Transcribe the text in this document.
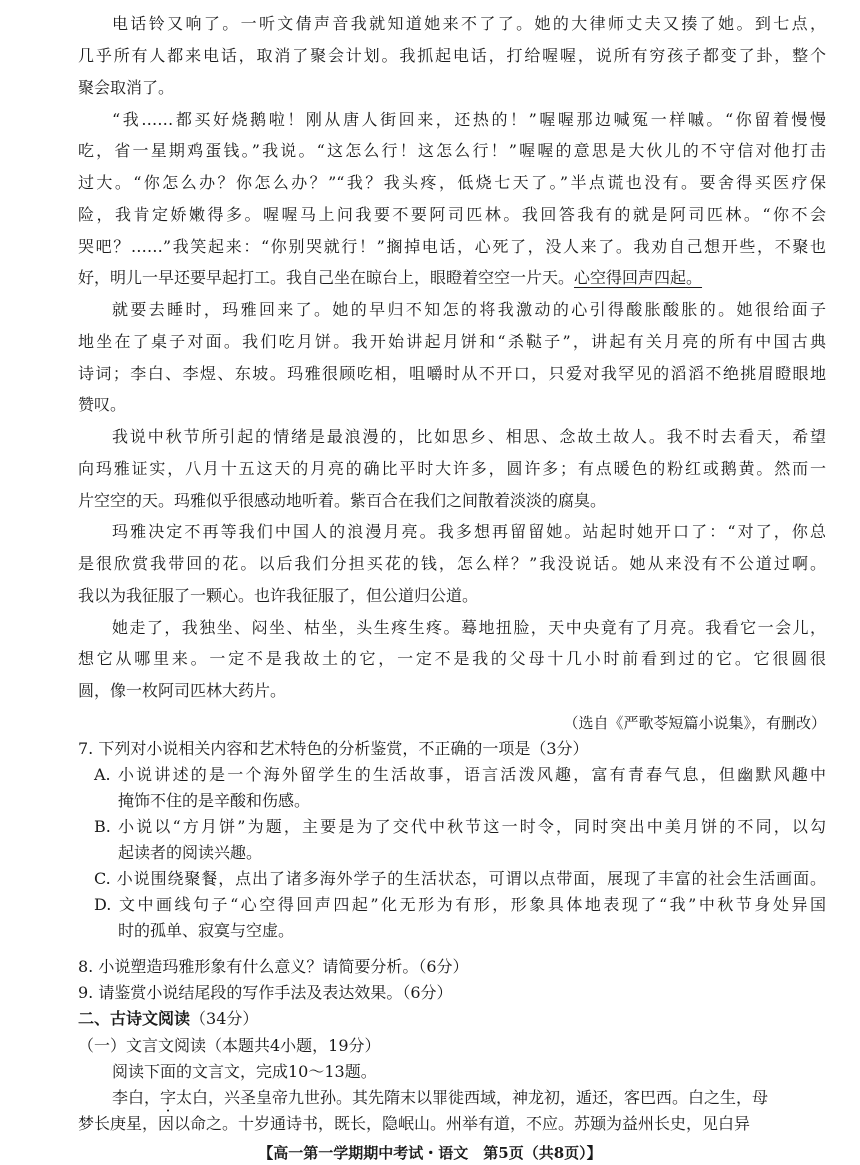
电话铃又响了。一听文倩声音我就知道她来不了了。她的大律师丈夫又揍了她。到七点，
几乎所有人都来电话，取消了聚会计划。我抓起电话，打给喔喔，说所有穷孩子都变了卦，整个
聚会取消了。
“我……都买好烧鹅啦！刚从唐人街回来，还热的！”喔喔那边喊冤一样嘁。“你留着慢慢
吃，省一星期鸡蛋钱。”我说。“这怎么行！这怎么行！”喔喔的意思是大伙儿的不守信对他打击
过大。“你怎么办？你怎么办？”“我？我头疼，低烧七天了。”半点谎也没有。要舍得买医疗保
险，我肯定娇嫩得多。喔喔马上问我要不要阿司匹林。我回答我有的就是阿司匹林。“你不会
哭吧？……”我笑起来：“你别哭就行！”搁掉电话，心死了，没人来了。我劝自己想开些，不聚也
好，明儿一早还要早起打工。我自己坐在晾台上，眼瞪着空空一片天。心空得回声四起。
就要去睡时，玛雅回来了。她的早归不知怎的将我激动的心引得酸胀酸胀的。她很给面子
地坐在了桌子对面。我们吃月饼。我开始讲起月饼和“杀鞑子”，讲起有关月亮的所有中国古典
诗词；李白、李煜、东坡。玛雅很顾吃相，咀嚼时从不开口，只爱对我罕见的滔滔不绝挑眉瞪眼地
赞叹。
我说中秋节所引起的情绪是最浪漫的，比如思乡、相思、念故土故人。我不时去看天，希望
向玛雅证实，八月十五这天的月亮的确比平时大许多，圆许多；有点暖色的粉红或鹅黄。然而一
片空空的天。玛雅似乎很感动地听着。紫百合在我们之间散着淡淡的腐臭。
玛雅决定不再等我们中国人的浪漫月亮。我多想再留留她。站起时她开口了：“对了，你总
是很欣赏我带回的花。以后我们分担买花的钱，怎么样？”我没说话。她从来没有不公道过啊。
我以为我征服了一颗心。也许我征服了，但公道归公道。
她走了，我独坐、闷坐、枯坐，头生疼生疼。蓦地扭脸，天中央竟有了月亮。我看它一会儿，
想它从哪里来。一定不是我故土的它，一定不是我的父母十几小时前看到过的它。它很圆很
圆，像一枚阿司匹林大药片。
（选自《严歌苓短篇小说集》，有删改）
7. 下列对小说相关内容和艺术特色的分析鉴赏，不正确的一项是（3分）
A. 小说讲述的是一个海外留学生的生活故事，语言活泼风趣，富有青春气息，但幽默风趣中
掩饰不住的是辛酸和伤感。
B. 小说以“方月饼”为题，主要是为了交代中秋节这一时令，同时突出中美月饼的不同，以勾
起读者的阅读兴趣。
C. 小说围绕聚餐，点出了诸多海外学子的生活状态，可谓以点带面，展现了丰富的社会生活画面。
D. 文中画线句子“心空得回声四起”化无形为有形，形象具体地表现了“我”中秋节身处异国
时的孤单、寂寞与空虚。
8. 小说塑造玛雅形象有什么意义？请简要分析。（6分）
9. 请鉴赏小说结尾段的写作手法及表达效果。（6分）
二、古诗文阅读（34分）
（一）文言文阅读（本题共4小题，19分）
阅读下面的文言文，完成10～13题。
【高一第一学期期中考试・语文　第5页（共8页）】
李白，字太白，兴圣皇帝九世孙。其先隋末以罪徙西域，神龙初，遁还，客巴西。白之生，母
梦长庚星，因以命之。十岁通诗书，既长，隐岷山。州举有道，不应。苏颋为益州长史，见白异
